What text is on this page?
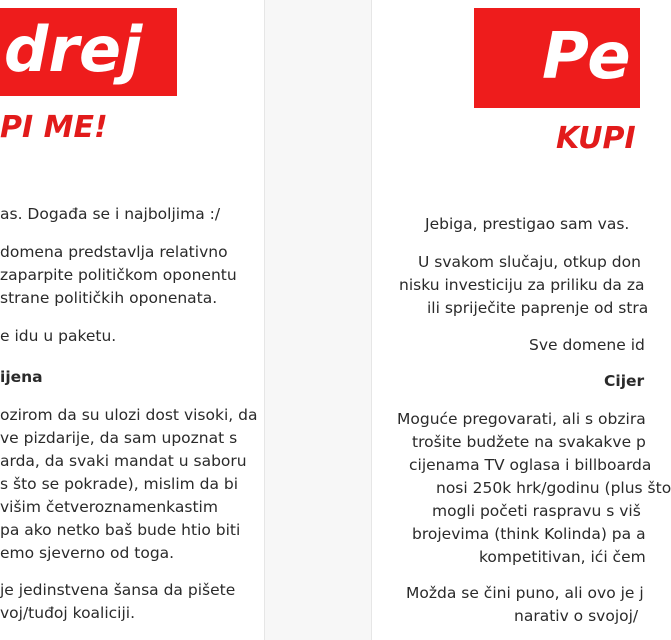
drej
PI ME!
as. Događa se i najboljima :/
domena predstavlja relativno
zaparpite političkom oponentu
strane političkih oponenata.
e idu u paketu.
ijena
ozirom da su ulozi dost visoki, da
ve pizdarije, da sam upoznat s
arda, da svaki mandat u saboru
s što se pokrade), mislim da bi
višim četveroznamenkastim
pa ako netko baš bude htio biti
emo sjeverno od toga.
je jedinstvena šansa da pišete
voj/tuđoj koaliciji.
Pe
KUPI
Jebiga, prestigao sam vas.
U svakom slučaju, otkup don
nisku investiciju za priliku da za
ili spriječite paprenje od stra
Sve domene id
Cijer
Moguće pregovarati, ali s obzira
trošite budžete na svakakve p
cijenama TV oglasa i billboarda
nosi 250k hrk/godinu (plus što
mogli početi raspravu s viš
brojevima (think Kolinda) pa a
kompetitivan, ići čem
Možda se čini puno, ali ovo je j
narativ o svojoj/
